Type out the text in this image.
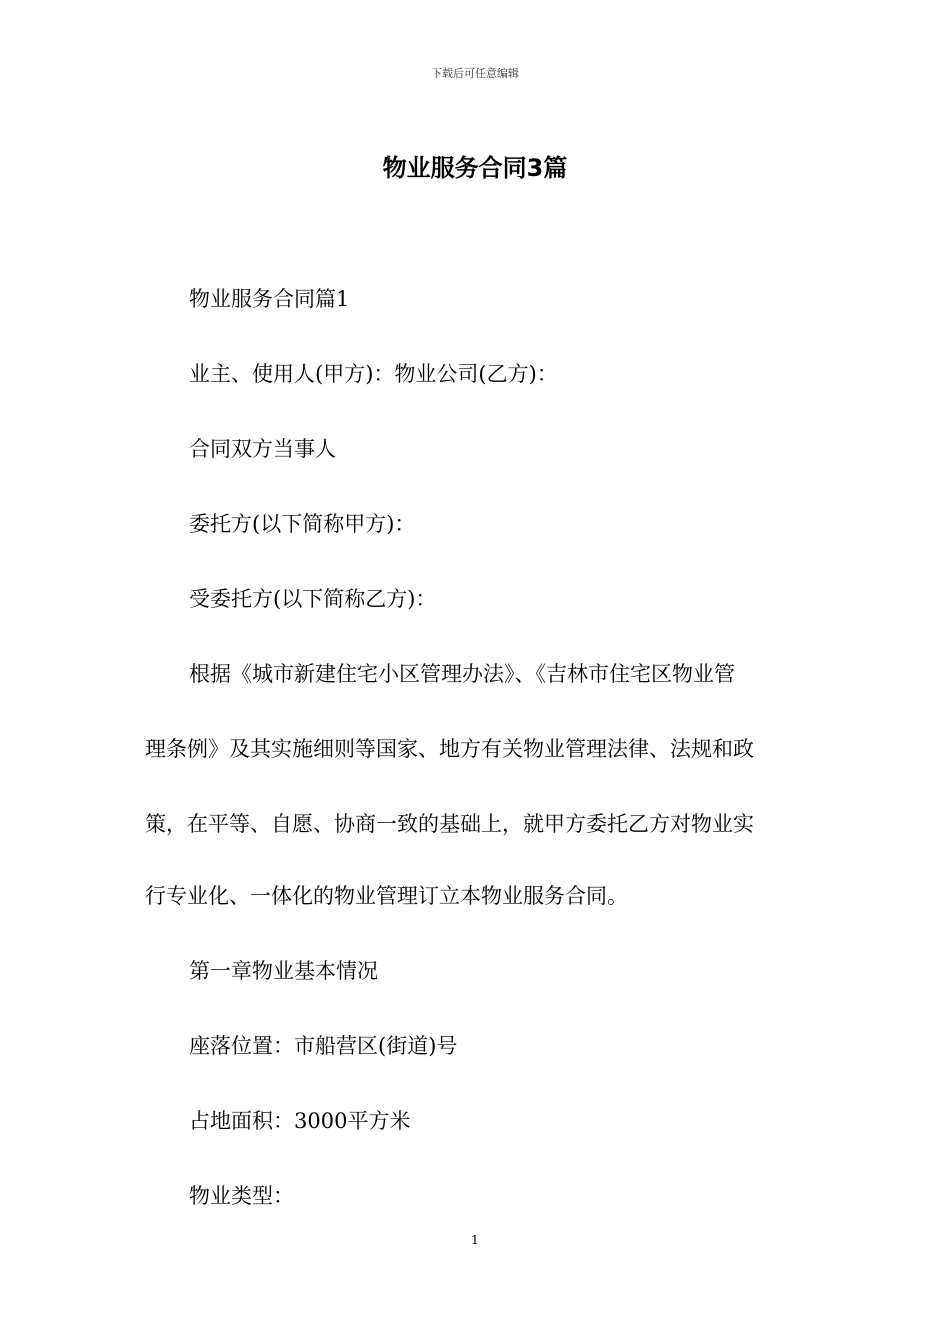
下载后可任意编辑
物业服务合同3篇

物业服务合同篇1

业主、使用人(甲方)：物业公司(乙方)：

合同双方当事人

委托方(以下简称甲方)：

受委托方(以下简称乙方)：

根据《城市新建住宅小区管理办法》、《吉林市住宅区物业管

理条例》及其实施细则等国家、地方有关物业管理法律、法规和政

策，在平等、自愿、协商一致的基础上，就甲方委托乙方对物业实

行专业化、一体化的物业管理订立本物业服务合同。

第一章物业基本情况

座落位置：市船营区(街道)号

占地面积：3000平方米

物业类型：

1
